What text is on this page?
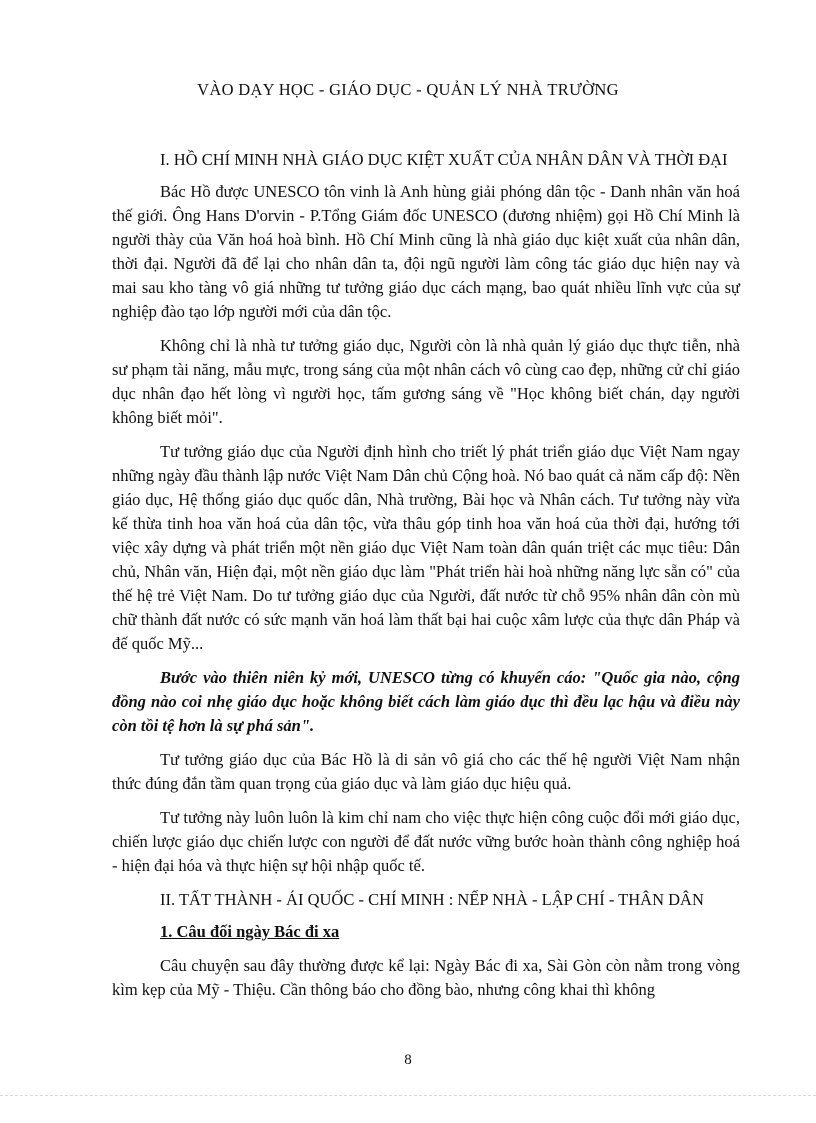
VÀO DẠY HỌC - GIÁO DỤC - QUẢN LÝ NHÀ TRƯỜNG

I. HỒ CHÍ MINH NHÀ GIÁO DỤC KIỆT XUẤT CỦA NHÂN DÂN VÀ THỜI ĐẠI

Bác Hồ được UNESCO tôn vinh là Anh hùng giải phóng dân tộc - Danh nhân văn hoá thế giới. Ông Hans D'orvin - P.Tổng Giám đốc UNESCO (đương nhiệm) gọi Hồ Chí Minh là người thày của Văn hoá hoà bình. Hồ Chí Minh cũng là nhà giáo dục kiệt xuất của nhân dân, thời đại. Người đã để lại cho nhân dân ta, đội ngũ người làm công tác giáo dục hiện nay và mai sau kho tàng vô giá những tư tưởng giáo dục cách mạng, bao quát nhiều lĩnh vực của sự nghiệp đào tạo lớp người mới của dân tộc.

Không chỉ là nhà tư tưởng giáo dục, Người còn là nhà quản lý giáo dục thực tiễn, nhà sư phạm tài năng, mẫu mực, trong sáng của một nhân cách vô cùng cao đẹp, những cử chỉ giáo dục nhân đạo hết lòng vì người học, tấm gương sáng về "Học không biết chán, dạy người không biết mỏi".

Tư tưởng giáo dục của Người định hình cho triết lý phát triển giáo dục Việt Nam ngay những ngày đầu thành lập nước Việt Nam Dân chủ Cộng hoà. Nó bao quát cả năm cấp độ: Nền giáo dục, Hệ thống giáo dục quốc dân, Nhà trường, Bài học và Nhân cách. Tư tưởng này vừa kế thừa tinh hoa văn hoá của dân tộc, vừa thâu góp tinh hoa văn hoá của thời đại, hướng tới việc xây dựng và phát triển một nền giáo dục Việt Nam toàn dân quán triệt các mục tiêu: Dân chủ, Nhân văn, Hiện đại, một nền giáo dục làm "Phát triển hài hoà những năng lực sẵn có" của thế hệ trẻ Việt Nam. Do tư tưởng giáo dục của Người, đất nước từ chỗ 95% nhân dân còn mù chữ thành đất nước có sức mạnh văn hoá làm thất bại hai cuộc xâm lược của thực dân Pháp và đế quốc Mỹ...

Bước vào thiên niên kỷ mới, UNESCO từng có khuyến cáo: "Quốc gia nào, cộng đồng nào coi nhẹ giáo dục hoặc không biết cách làm giáo dục thì đều lạc hậu và điều này còn tồi tệ hơn là sự phá sản".

Tư tưởng giáo dục của Bác Hồ là di sản vô giá cho các thế hệ người Việt Nam nhận thức đúng đắn tầm quan trọng của giáo dục và làm giáo dục hiệu quả.

Tư tưởng này luôn luôn là kim chỉ nam cho việc thực hiện công cuộc đổi mới giáo dục, chiến lược giáo dục chiến lược con người để đất nước vững bước hoàn thành công nghiệp hoá - hiện đại hóa và thực hiện sự hội nhập quốc tế.

II. TẤT THÀNH - ÁI QUỐC - CHÍ MINH : NẾP NHÀ - LẬP CHÍ - THÂN DÂN

1. Câu đối ngày Bác đi xa

Câu chuyện sau đây thường được kể lại: Ngày Bác đi xa, Sài Gòn còn nằm trong vòng kìm kẹp của Mỹ - Thiệu. Cần thông báo cho đồng bào, nhưng công khai thì không

8
